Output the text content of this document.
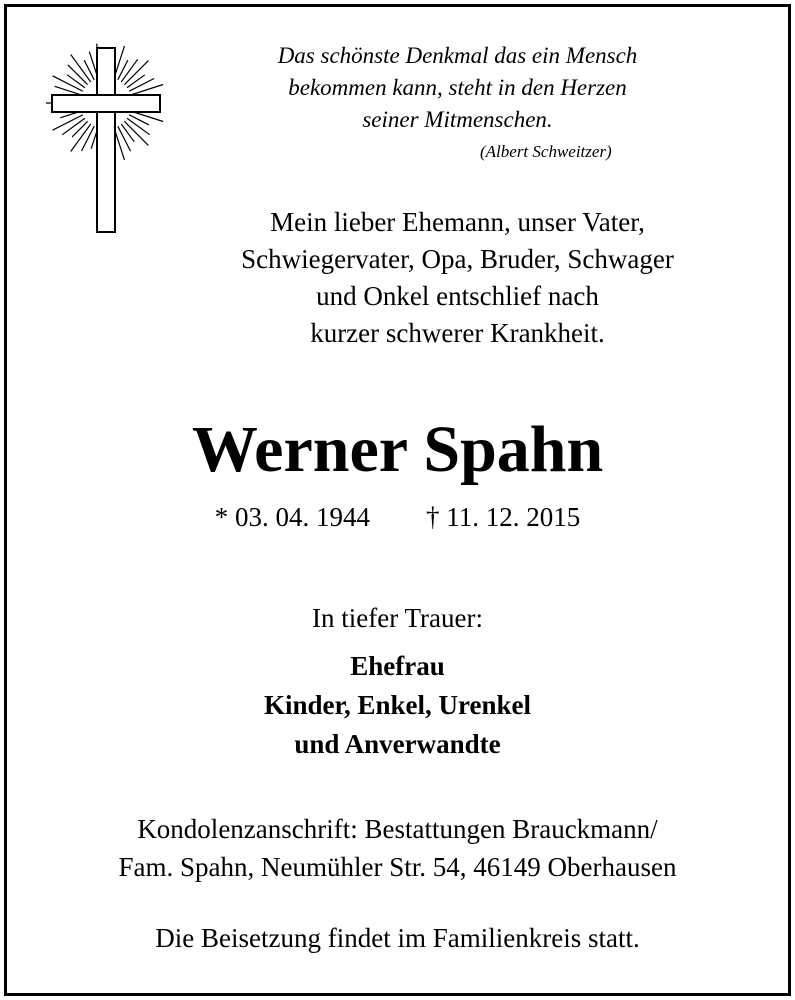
Das schönste Denkmal das ein Mensch
bekommen kann, steht in den Herzen
seiner Mitmenschen.
(Albert Schweitzer)
Mein lieber Ehemann, unser Vater,
Schwiegervater, Opa, Bruder, Schwager
und Onkel entschlief nach
kurzer schwerer Krankheit.
Werner Spahn
* 03. 04. 1944 † 11. 12. 2015
In tiefer Trauer:
Ehefrau
Kinder, Enkel, Urenkel
und Anverwandte
Kondolenzanschrift: Bestattungen Brauckmann/
Fam. Spahn, Neumühler Str. 54, 46149 Oberhausen
Die Beisetzung findet im Familienkreis statt.
